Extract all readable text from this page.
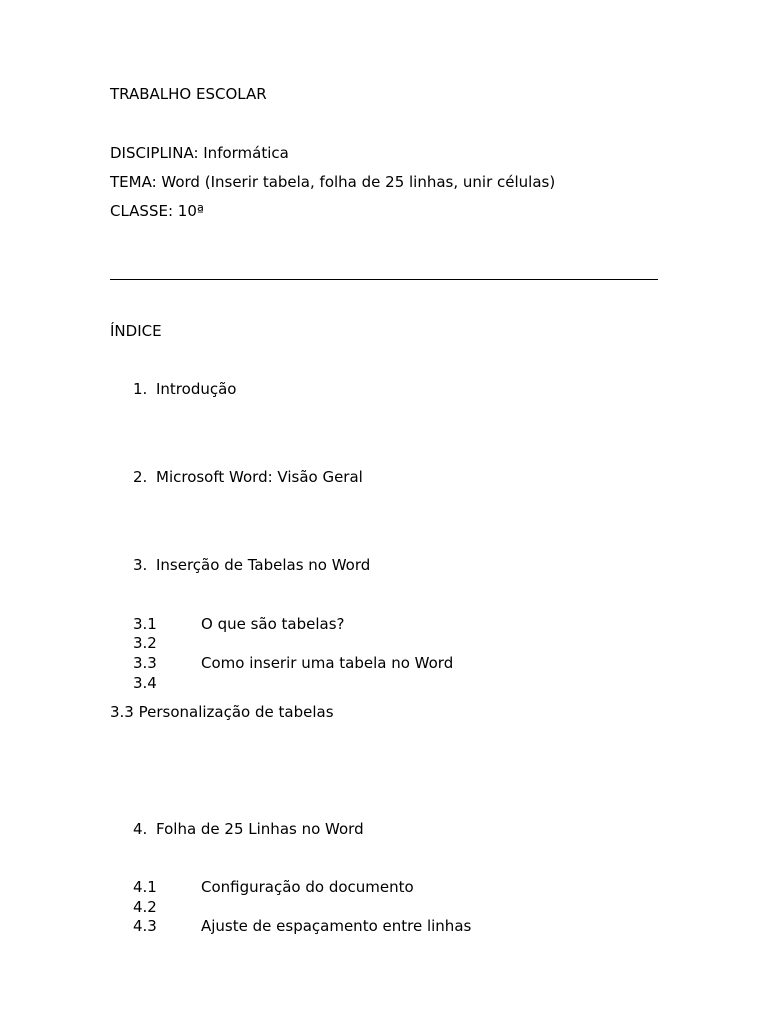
TRABALHO ESCOLAR
DISCIPLINA: Informática
TEMA: Word (Inserir tabela, folha de 25 linhas, unir células)
CLASSE: 10ª
ÍNDICE
1. Introdução
2. Microsoft Word: Visão Geral
3. Inserção de Tabelas no Word
3.1	O que são tabelas?
3.2
3.3	Como inserir uma tabela no Word
3.4
3.3 Personalização de tabelas
4. Folha de 25 Linhas no Word
4.1	Configuração do documento
4.2
4.3	Ajuste de espaçamento entre linhas
